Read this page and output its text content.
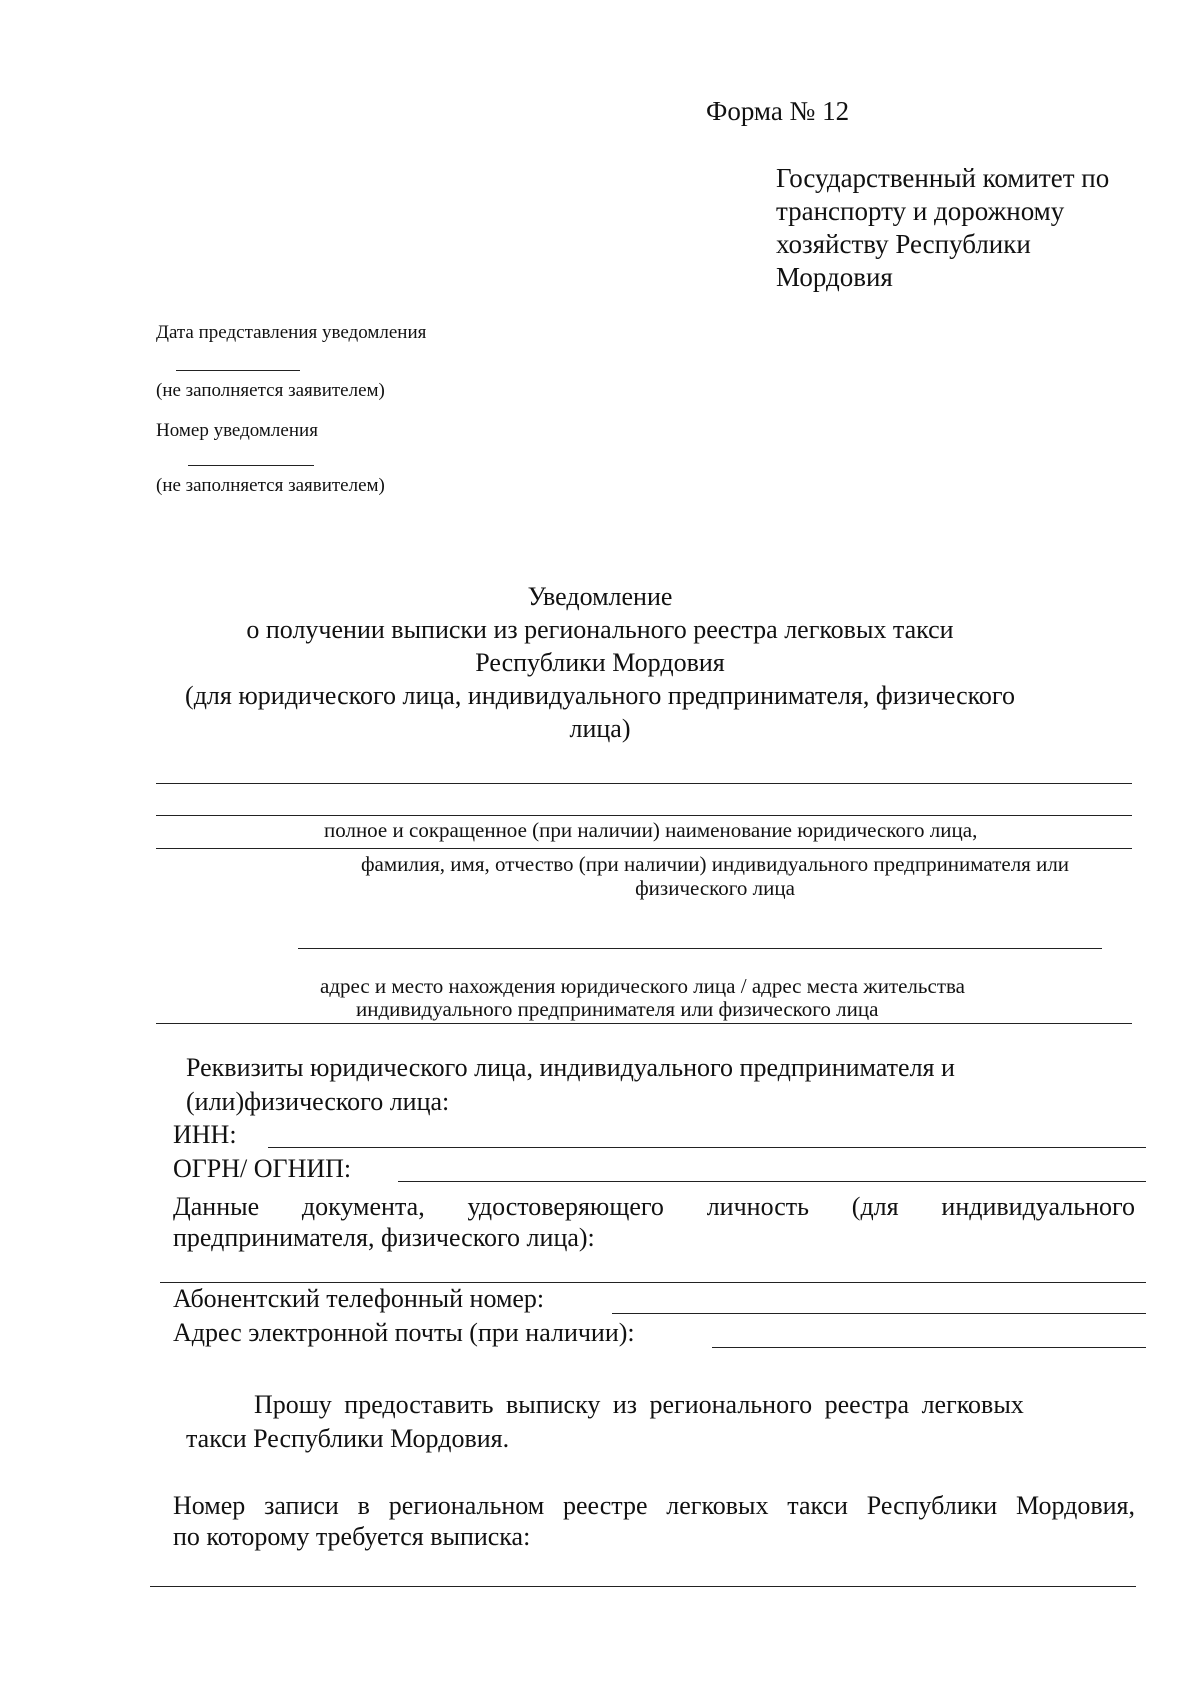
Форма № 12
Государственный комитет по
транспорту и дорожному
хозяйству Республики
Мордовия
Дата представления уведомления
(не заполняется заявителем)
Номер уведомления
(не заполняется заявителем)
Уведомление
о получении выписки из регионального реестра легковых такси
Республики Мордовия
(для юридического лица, индивидуального предпринимателя, физического
лица)
полное и сокращенное (при наличии) наименование юридического лица,
фамилия, имя, отчество (при наличии) индивидуального предпринимателя или
физического лица
адрес и место нахождения юридического лица / адрес места жительства
индивидуального предпринимателя или физического лица
Реквизиты юридического лица, индивидуального предпринимателя и
(или)физического лица:
ИНН:
ОГРН/ ОГНИП:
Данные документа, удостоверяющего личность (для индивидуального
предпринимателя, физического лица):
Абонентский телефонный номер:
Адрес электронной почты (при наличии):
Прошу предоставить выписку из регионального реестра легковых
такси Республики Мордовия.
Номер записи в региональном реестре легковых такси Республики Мордовия,
по которому требуется выписка:
